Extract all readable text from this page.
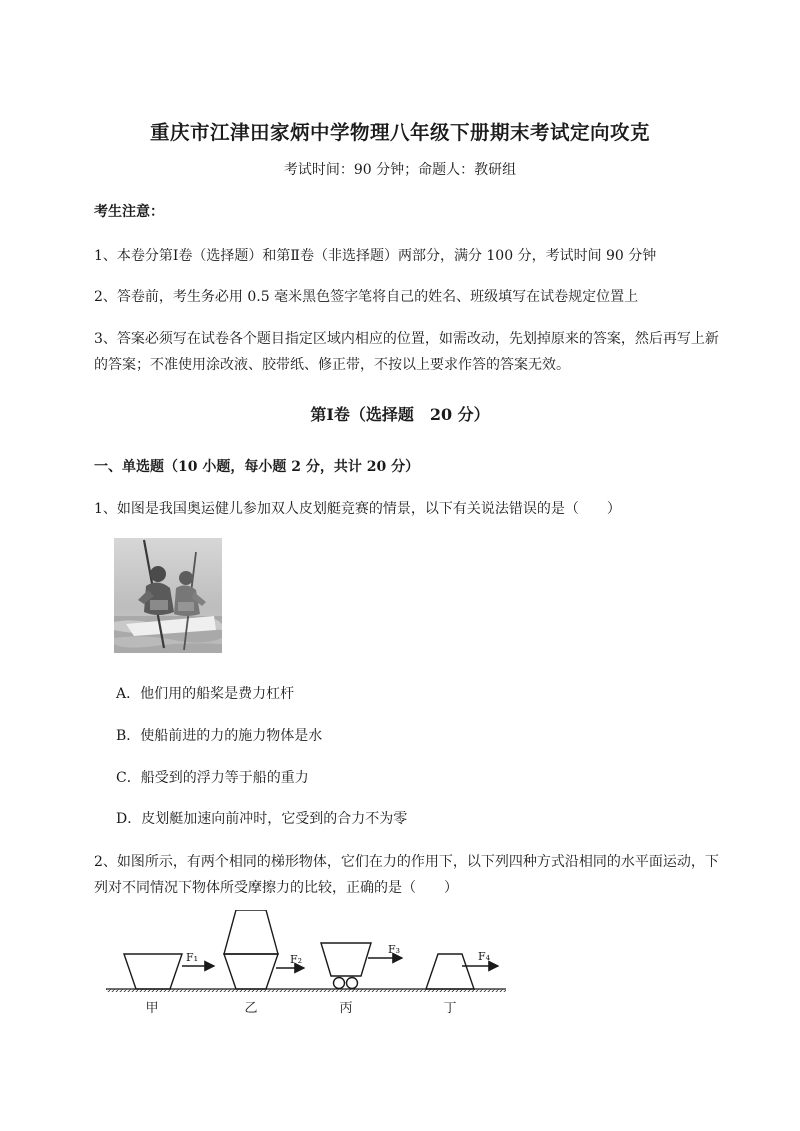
重庆市江津田家炳中学物理八年级下册期末考试定向攻克
考试时间：90 分钟；命题人：教研组
考生注意：
1、本卷分第Ⅰ卷（选择题）和第Ⅱ卷（非选择题）两部分，满分 100 分，考试时间 90 分钟
2、答卷前，考生务必用 0.5 毫米黑色签字笔将自己的姓名、班级填写在试卷规定位置上
3、答案必须写在试卷各个题目指定区域内相应的位置，如需改动，先划掉原来的答案，然后再写上新
的答案；不准使用涂改液、胶带纸、修正带，不按以上要求作答的答案无效。
第Ⅰ卷（选择题　20 分）
一、单选题（10 小题，每小题 2 分，共计 20 分）
1、如图是我国奥运健儿参加双人皮划艇竞赛的情景，以下有关说法错误的是（　　）
A．他们用的船桨是费力杠杆
B．使船前进的力的施力物体是水
C．船受到的浮力等于船的重力
D．皮划艇加速向前冲时，它受到的合力不为零
2、如图所示，有两个相同的梯形物体，它们在力的作用下，以下列四种方式沿相同的水平面运动，下
列对不同情况下物体所受摩擦力的比较，正确的是（　　）
F₁	F₂
F₃
F₄
甲	乙	丙	丁
